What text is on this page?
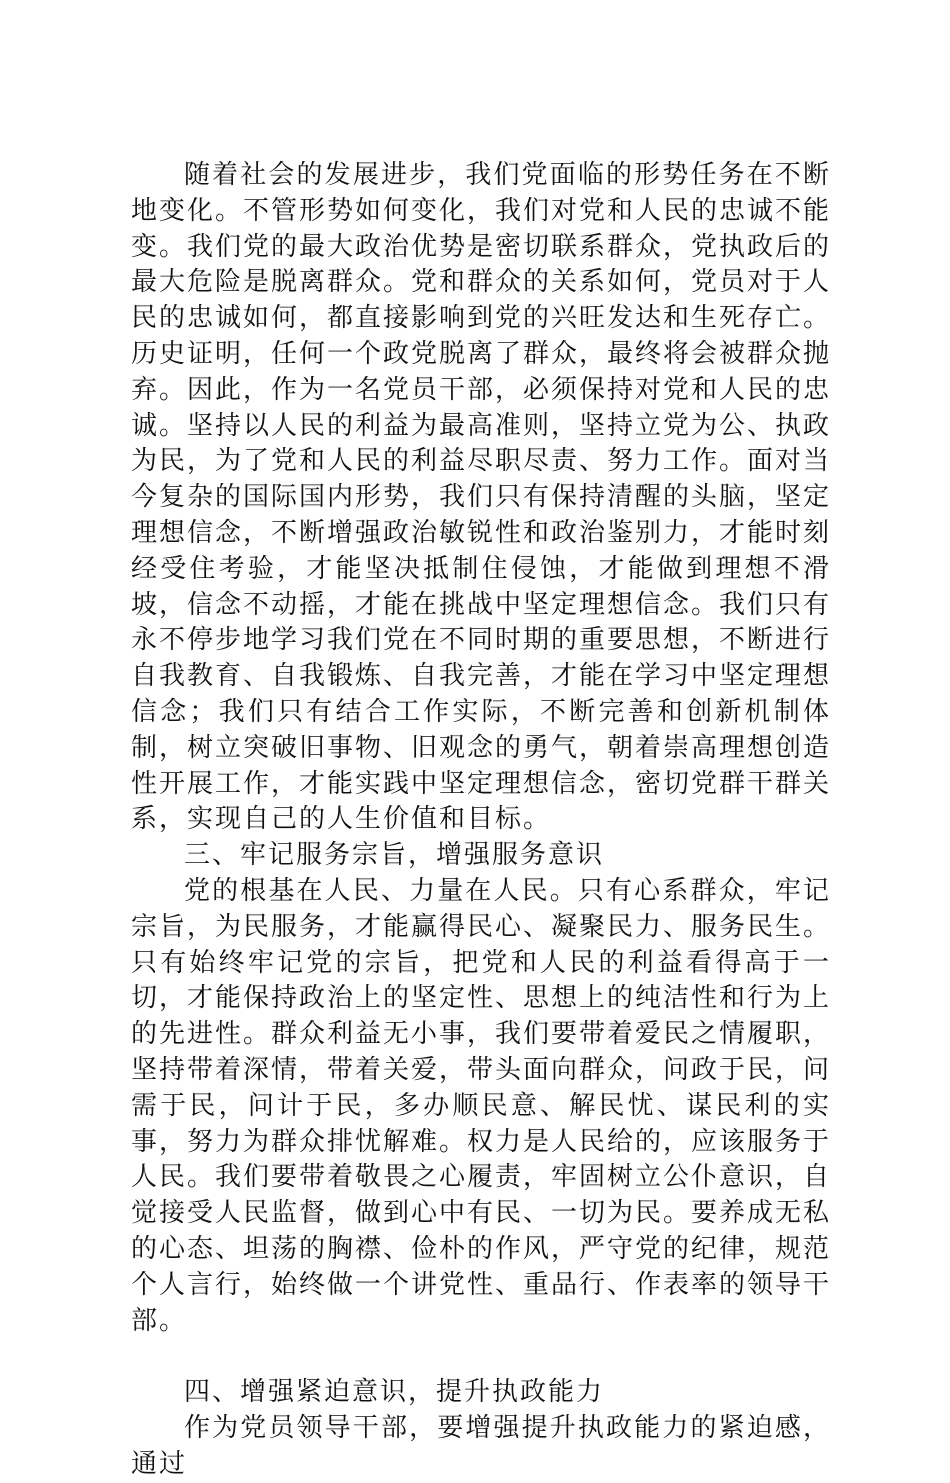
随着社会的发展进步，我们党面临的形势任务在不断地变化。不管形势如何变化，我们对党和人民的忠诚不能变。我们党的最大政治优势是密切联系群众，党执政后的最大危险是脱离群众。党和群众的关系如何，党员对于人民的忠诚如何，都直接影响到党的兴旺发达和生死存亡。历史证明，任何一个政党脱离了群众，最终将会被群众抛弃。因此，作为一名党员干部，必须保持对党和人民的忠诚。坚持以人民的利益为最高准则，坚持立党为公、执政为民，为了党和人民的利益尽职尽责、努力工作。面对当今复杂的国际国内形势，我们只有保持清醒的头脑，坚定理想信念，不断增强政治敏锐性和政治鉴别力，才能时刻经受住考验，才能坚决抵制住侵蚀，才能做到理想不滑坡，信念不动摇，才能在挑战中坚定理想信念。我们只有永不停步地学习我们党在不同时期的重要思想，不断进行自我教育、自我锻炼、自我完善，才能在学习中坚定理想信念；我们只有结合工作实际，不断完善和创新机制体制，树立突破旧事物、旧观念的勇气，朝着崇高理想创造性开展工作，才能实践中坚定理想信念，密切党群干群关系，实现自己的人生价值和目标。

三、牢记服务宗旨，增强服务意识

党的根基在人民、力量在人民。只有心系群众，牢记宗旨，为民服务，才能赢得民心、凝聚民力、服务民生。只有始终牢记党的宗旨，把党和人民的利益看得高于一切，才能保持政治上的坚定性、思想上的纯洁性和行为上的先进性。群众利益无小事，我们要带着爱民之情履职，坚持带着深情，带着关爱，带头面向群众，问政于民，问需于民，问计于民，多办顺民意、解民忧、谋民利的实事，努力为群众排忧解难。权力是人民给的，应该服务于人民。我们要带着敬畏之心履责，牢固树立公仆意识，自觉接受人民监督，做到心中有民、一切为民。要养成无私的心态、坦荡的胸襟、俭朴的作风，严守党的纪律，规范个人言行，始终做一个讲党性、重品行、作表率的领导干部。

四、增强紧迫意识，提升执政能力

作为党员领导干部，要增强提升执政能力的紧迫感，通过
